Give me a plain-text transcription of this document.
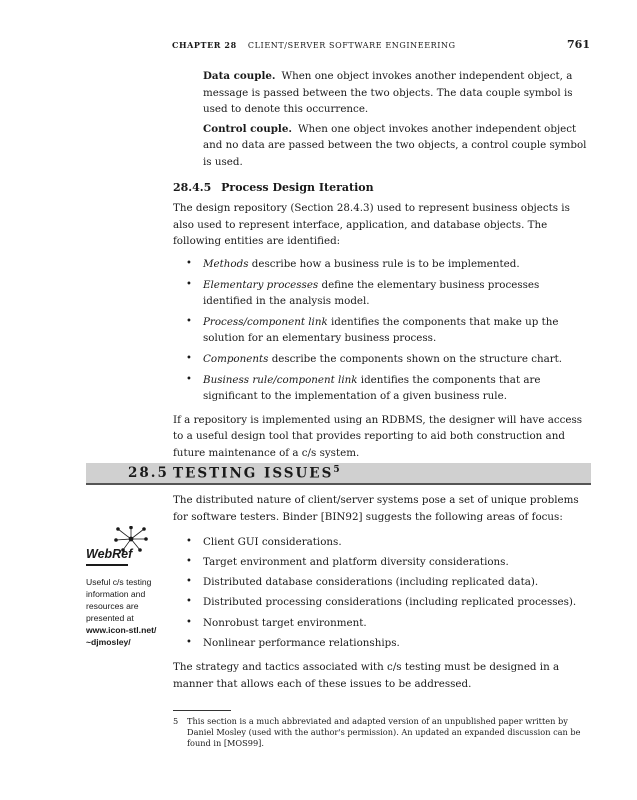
CHAPTER 28 CLIENT/SERVER SOFTWARE ENGINEERING	761

Data couple. When one object invokes another independent object, a message is passed between the two objects. The data couple symbol is used to denote this occurrence.

Control couple. When one object invokes another independent object and no data are passed between the two objects, a control couple symbol is used.

28.4.5 Process Design Iteration

The design repository (Section 28.4.3) used to represent business objects is also used to represent interface, application, and database objects. The following entities are identified:

• Methods describe how a business rule is to be implemented.
• Elementary processes define the elementary business processes identified in the analysis model.
• Process/component link identifies the components that make up the solution for an elementary business process.
• Components describe the components shown on the structure chart.
• Business rule/component link identifies the components that are significant to the implementation of a given business rule.

If a repository is implemented using an RDBMS, the designer will have access to a useful design tool that provides reporting to aid both construction and future maintenance of a c/s system.

28.5 TESTING ISSUES$^5$

The distributed nature of client/server systems pose a set of unique problems for software testers. Binder [BIN92] suggests the following areas of focus:

• Client GUI considerations.
• Target environment and platform diversity considerations.
• Distributed database considerations (including replicated data).
• Distributed processing considerations (including replicated processes).
• Nonrobust target environment.
• Nonlinear performance relationships.

The strategy and tactics associated with c/s testing must be designed in a manner that allows each of these issues to be addressed.

WebRef
Useful c/s testing information and resources are presented at
www.icon-stl.net/ ~djmosley/
5	This section is a much abbreviated and adapted version of an unpublished paper written by Daniel Mosley (used with the author's permission). An updated an expanded discussion can be found in [MOS99].
